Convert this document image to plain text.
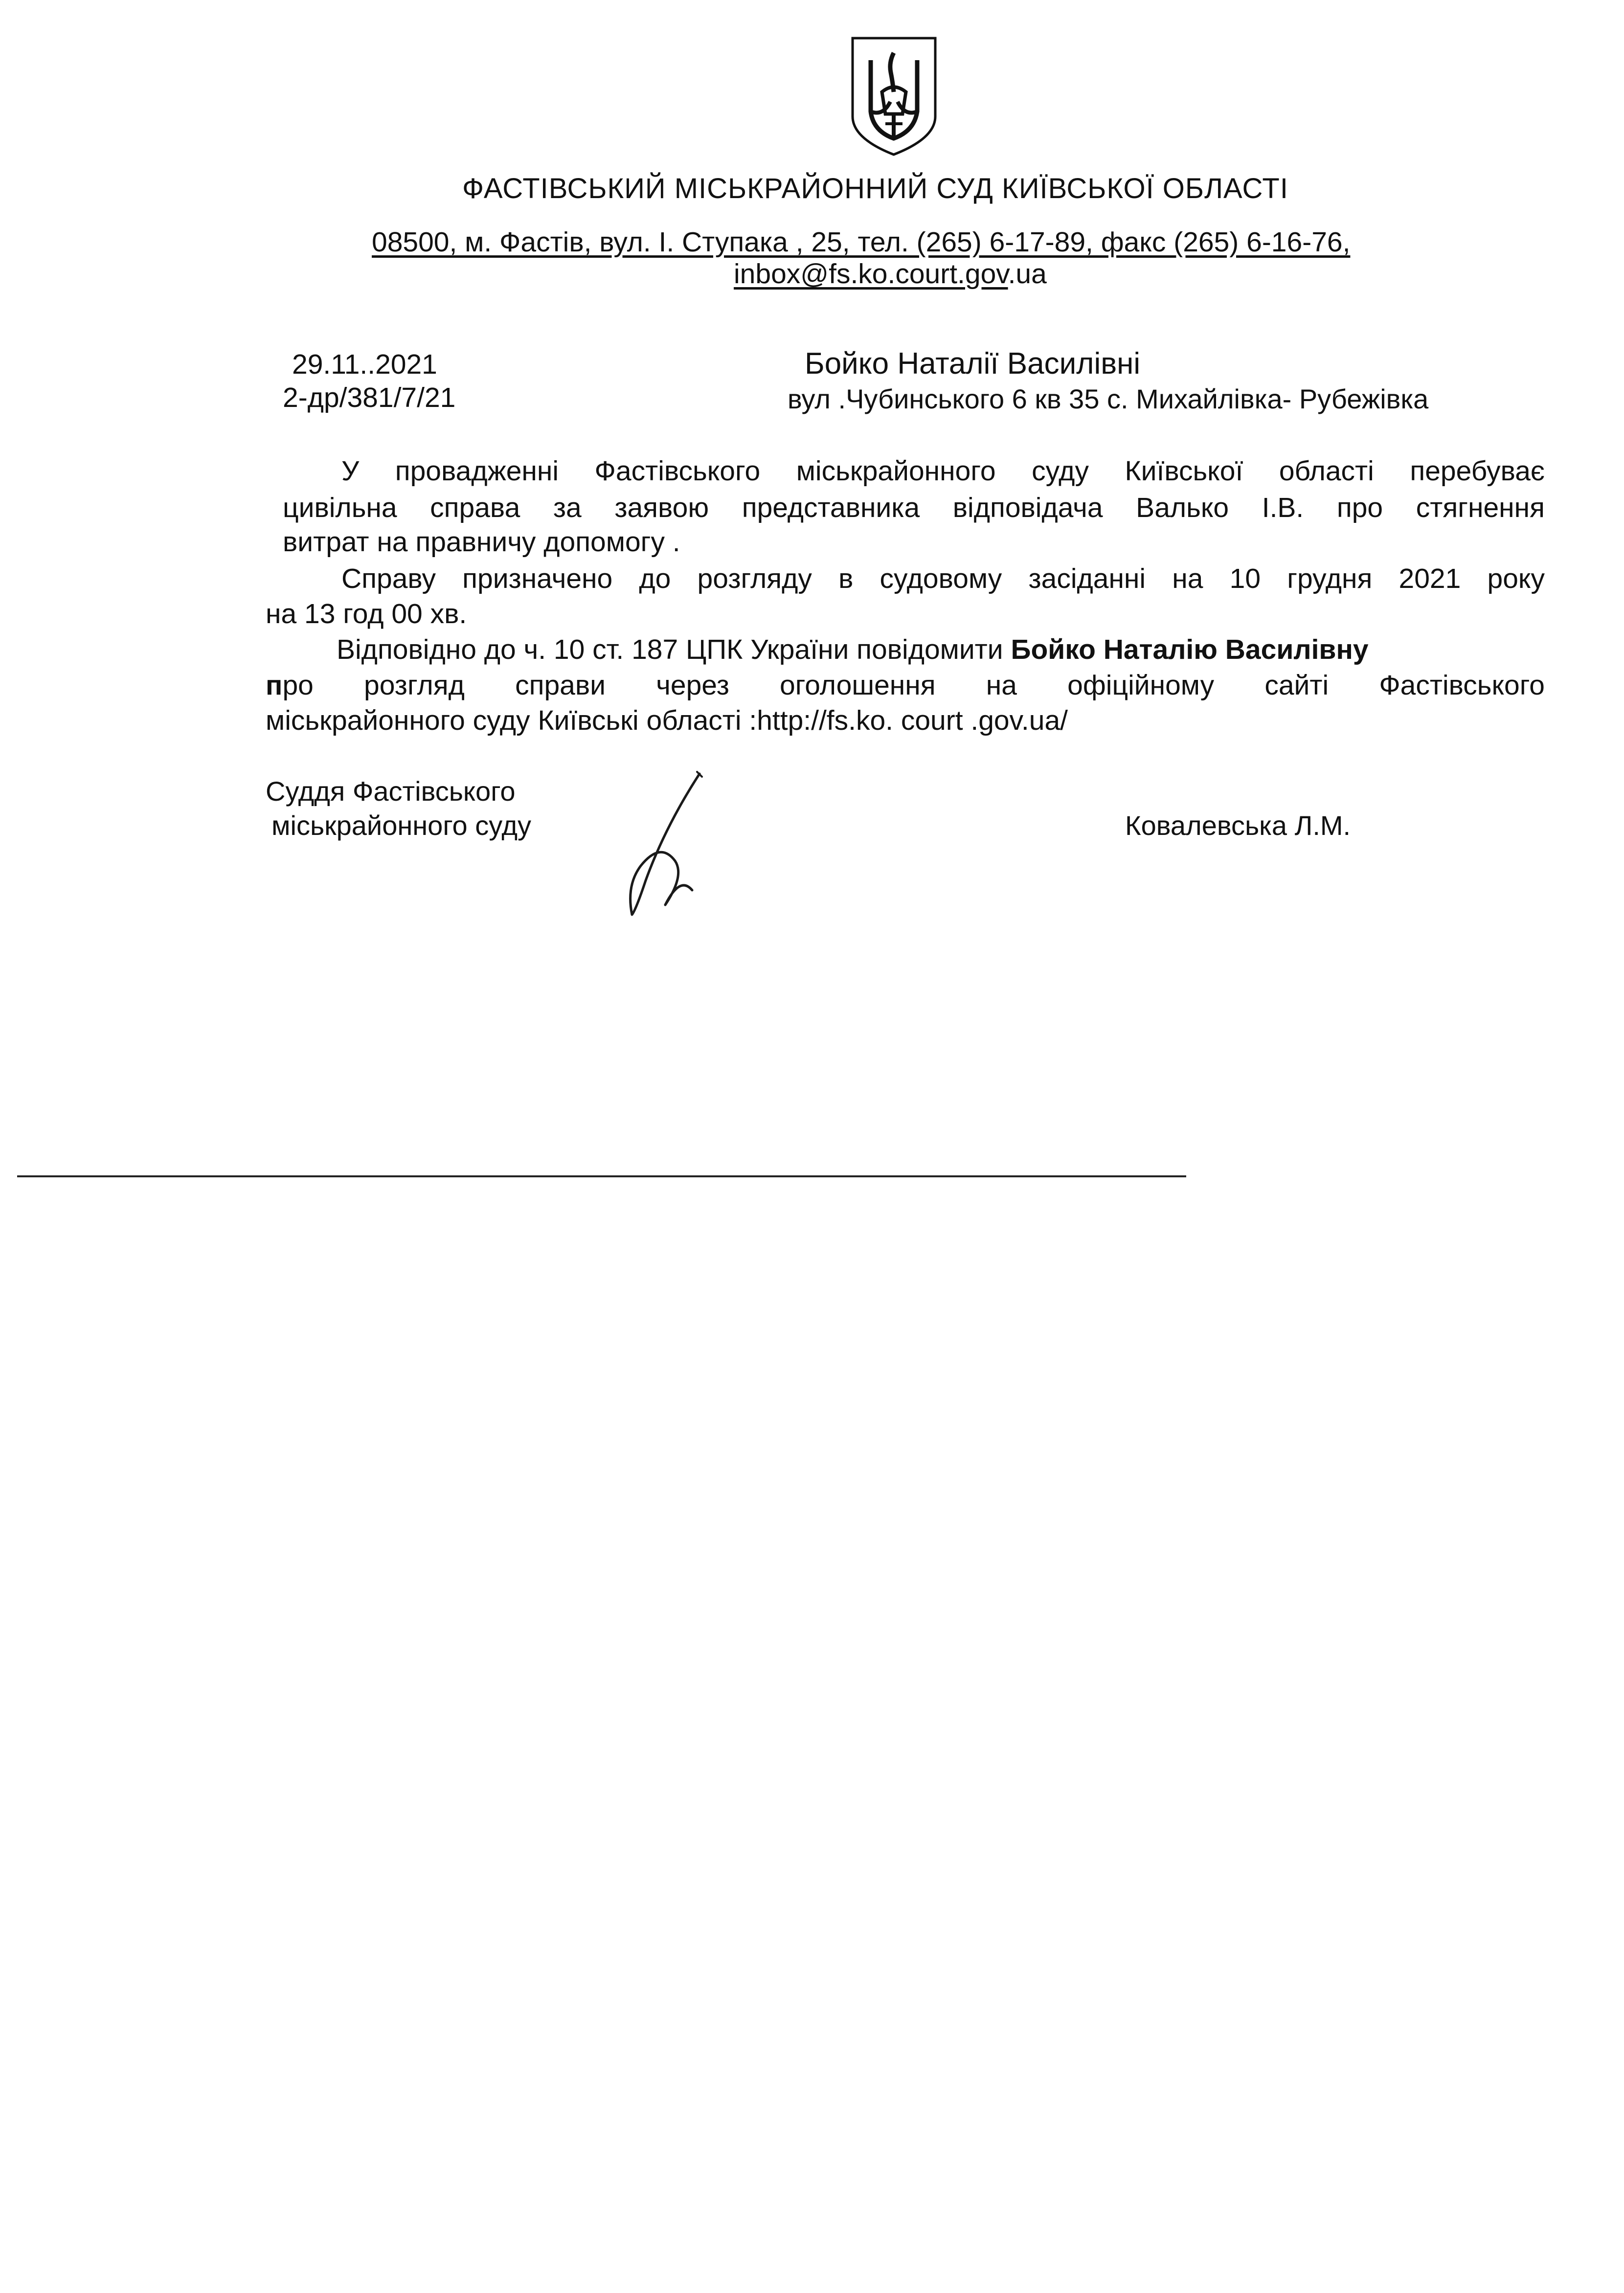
ФАСТІВСЬКИЙ МІСЬКРАЙОННИЙ СУД КИЇВСЬКОЇ ОБЛАСТІ
08500, м. Фастів, вул. І. Ступака , 25, тел. (265) 6-17-89, факс (265) 6-16-76,
inbox@fs.ko.court.gov.ua
29.11..2021
2-др/381/7/21
Бойко Наталії Василівні
вул .Чубинського 6 кв 35 с. Михайлівка- Рубежівка
У провадженні Фастівського міськрайонного суду Київської області перебуває
цивільна справа за заявою представника відповідача Валько І.В. про стягнення
витрат на правничу допомогу .
Справу призначено до розгляду в судовому засіданні на 10 грудня 2021 року
на 13 год 00 хв.
Відповідно до ч. 10 ст. 187 ЦПК України повідомити Бойко Наталію Василівну
про розгляд справи через оголошення на офіційному сайті Фастівського
міськрайонного суду Київські області :http://fs.ko. court .gov.ua/
Суддя Фастівського
міськрайонного суду	Ковалевська Л.М.
